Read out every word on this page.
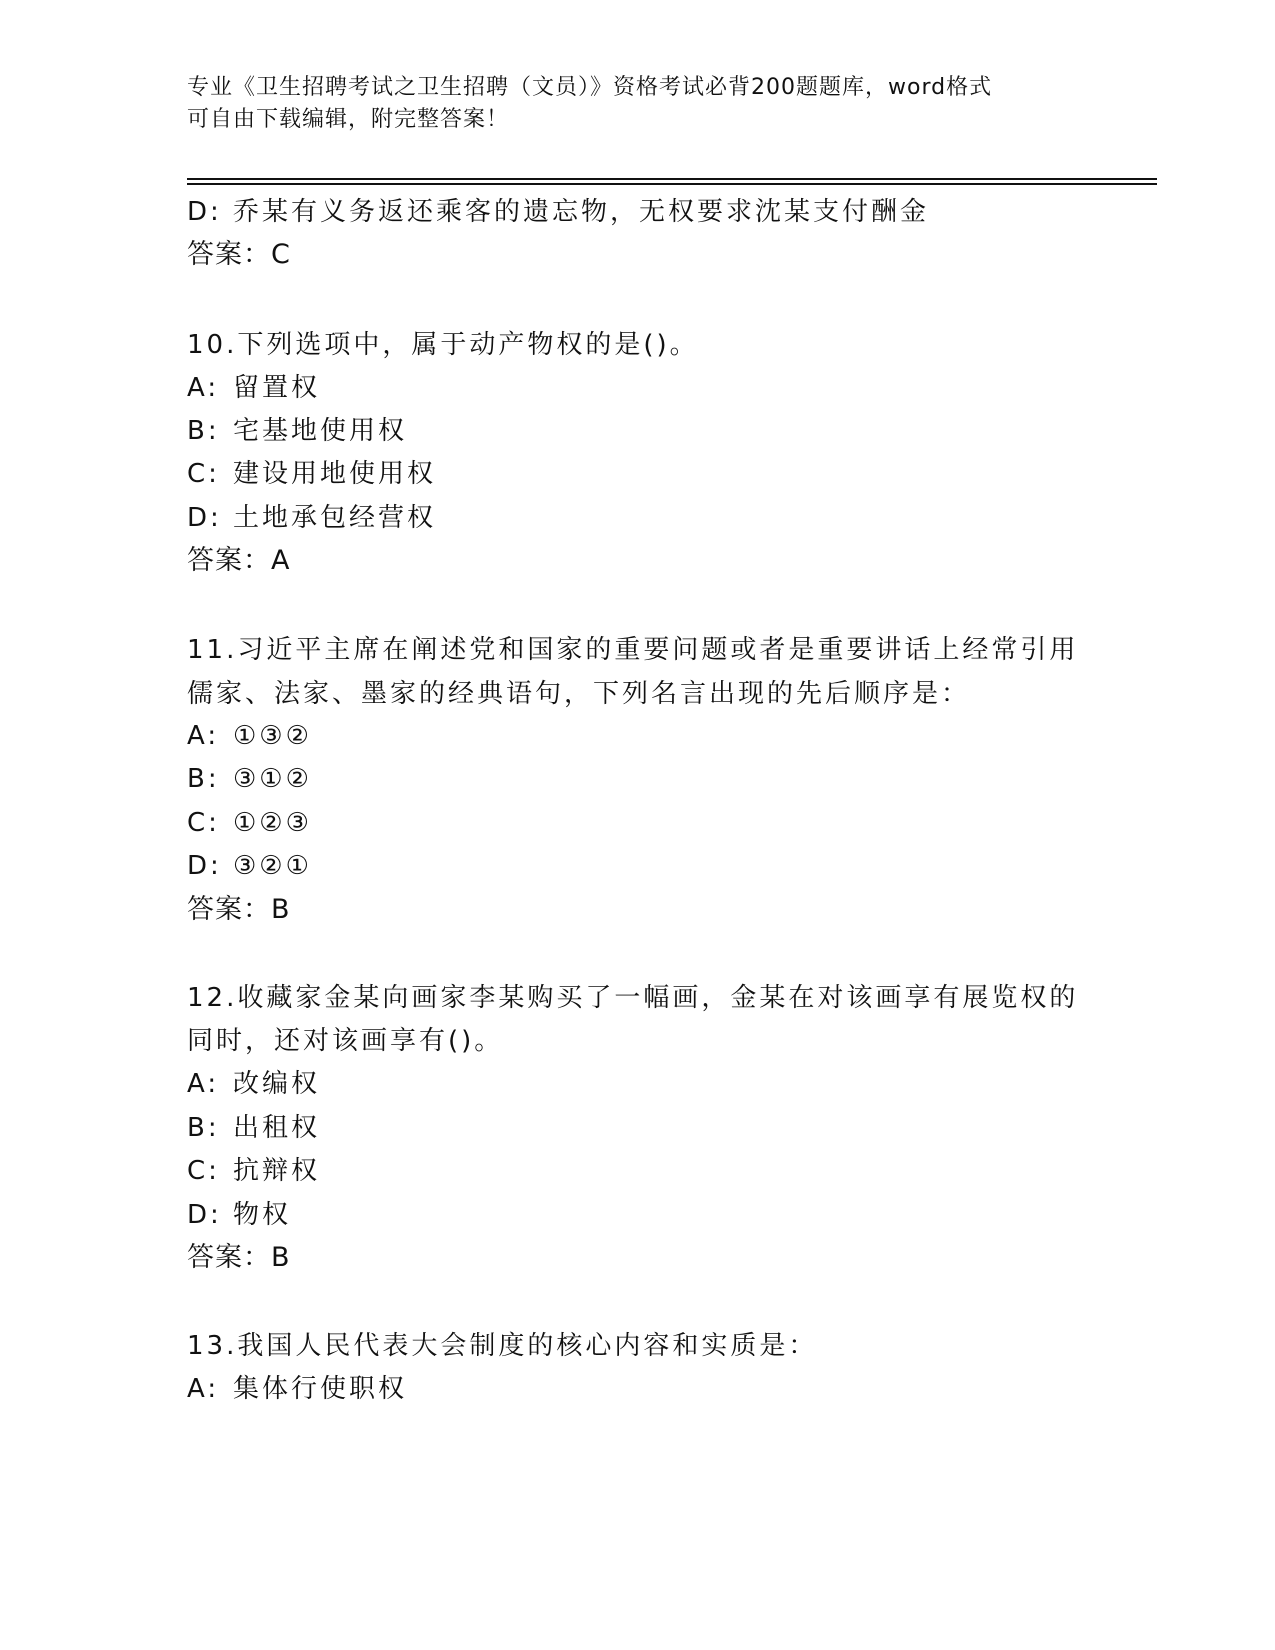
专业《卫生招聘考试之卫生招聘（文员）》资格考试必背200题题库，word格式
可自由下载编辑，附完整答案！
D: 乔某有义务返还乘客的遗忘物，无权要求沈某支付酬金
答案：C
10.下列选项中，属于动产物权的是()。
A: 留置权
B: 宅基地使用权
C: 建设用地使用权
D: 土地承包经营权
答案：A
11.习近平主席在阐述党和国家的重要问题或者是重要讲话上经常引用
儒家、法家、墨家的经典语句，下列名言出现的先后顺序是：
A: ①③②
B: ③①②
C: ①②③
D: ③②①
答案：B
12.收藏家金某向画家李某购买了一幅画，金某在对该画享有展览权的
同时，还对该画享有()。
A: 改编权
B: 出租权
C: 抗辩权
D: 物权
答案：B
13.我国人民代表大会制度的核心内容和实质是：
A: 集体行使职权
